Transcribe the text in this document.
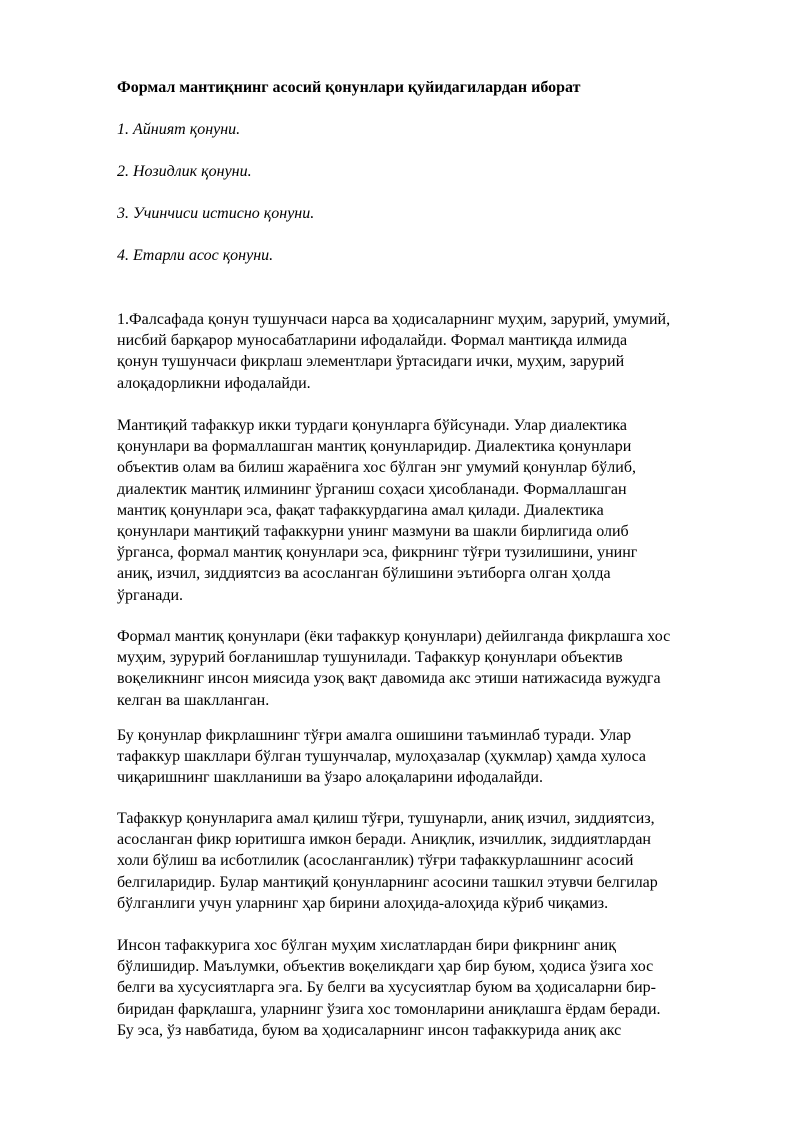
Формал мантиқнинг асосий қонунлари қуйидагилардан иборат

1. Айният қонуни.

2. Нозидлик қонуни.

3. Учинчиси истисно қонуни.

4. Етарли асос қонуни.

1.Фалсафада қонун тушунчаси нарса ва ҳодисаларнинг муҳим, зарурий, умумий,
нисбий барқарор муносабатларини ифодалайди. Формал мантиқда илмида
қонун тушунчаси фикрлаш элементлари ўртасидаги ички, муҳим, зарурий
алоқадорликни ифодалайди.

Мантиқий тафаккур икки турдаги қонунларга бўйсунади. Улар диалектика
қонунлари ва формаллашган мантиқ қонунларидир. Диалектика қонунлари
объектив олам ва билиш жараёнига хос бўлган энг умумий қонунлар бўлиб,
диалектик мантиқ илмининг ўрганиш соҳаси ҳисобланади. Формаллашган
мантиқ қонунлари эса, фақат тафаккурдагина амал қилади. Диалектика
қонунлари мантиқий тафаккурни унинг мазмуни ва шакли бирлигида олиб
ўрганса, формал мантиқ қонунлари эса, фикрнинг тўғри тузилишини, унинг
аниқ, изчил, зиддиятсиз ва асосланган бўлишини эътиборга олган ҳолда
ўрганади.

Формал мантиқ қонунлари (ёки тафаккур қонунлари) дейилганда фикрлашга хос
муҳим, зурурий боғланишлар тушунилади. Тафаккур қонунлари объектив
воқеликнинг инсон миясида узоқ вақт давомида акс этиши натижасида вужудга
келган ва шаклланган.

Бу қонунлар фикрлашнинг тўғри амалга ошишини таъминлаб туради. Улар
тафаккур шакллари бўлган тушунчалар, мулоҳазалар (ҳукмлар) ҳамда хулоса
чиқаришнинг шаклланиши ва ўзаро алоқаларини ифодалайди.

Тафаккур қонунларига амал қилиш тўғри, тушунарли, аниқ изчил, зиддиятсиз,
асосланган фикр юритишга имкон беради. Аниқлик, изчиллик, зиддиятлардан
холи бўлиш ва исботлилик (асосланганлик) тўғри тафаккурлашнинг асосий
белгиларидир. Булар мантиқий қонунларнинг асосини ташкил этувчи белгилар
бўлганлиги учун уларнинг ҳар бирини алоҳида-алоҳида кўриб чиқамиз.

Инсон тафаккурига хос бўлган муҳим хислатлардан бири фикрнинг аниқ
бўлишидир. Маълумки, объектив воқеликдаги ҳар бир буюм, ҳодиса ўзига хос
белги ва хусусиятларга эга. Бу белги ва хусусиятлар буюм ва ҳодисаларни бир-
биридан фарқлашга, уларнинг ўзига хос томонларини аниқлашга ёрдам беради.
Бу эса, ўз навбатида, буюм ва ҳодисаларнинг инсон тафаккурида аниқ акс
